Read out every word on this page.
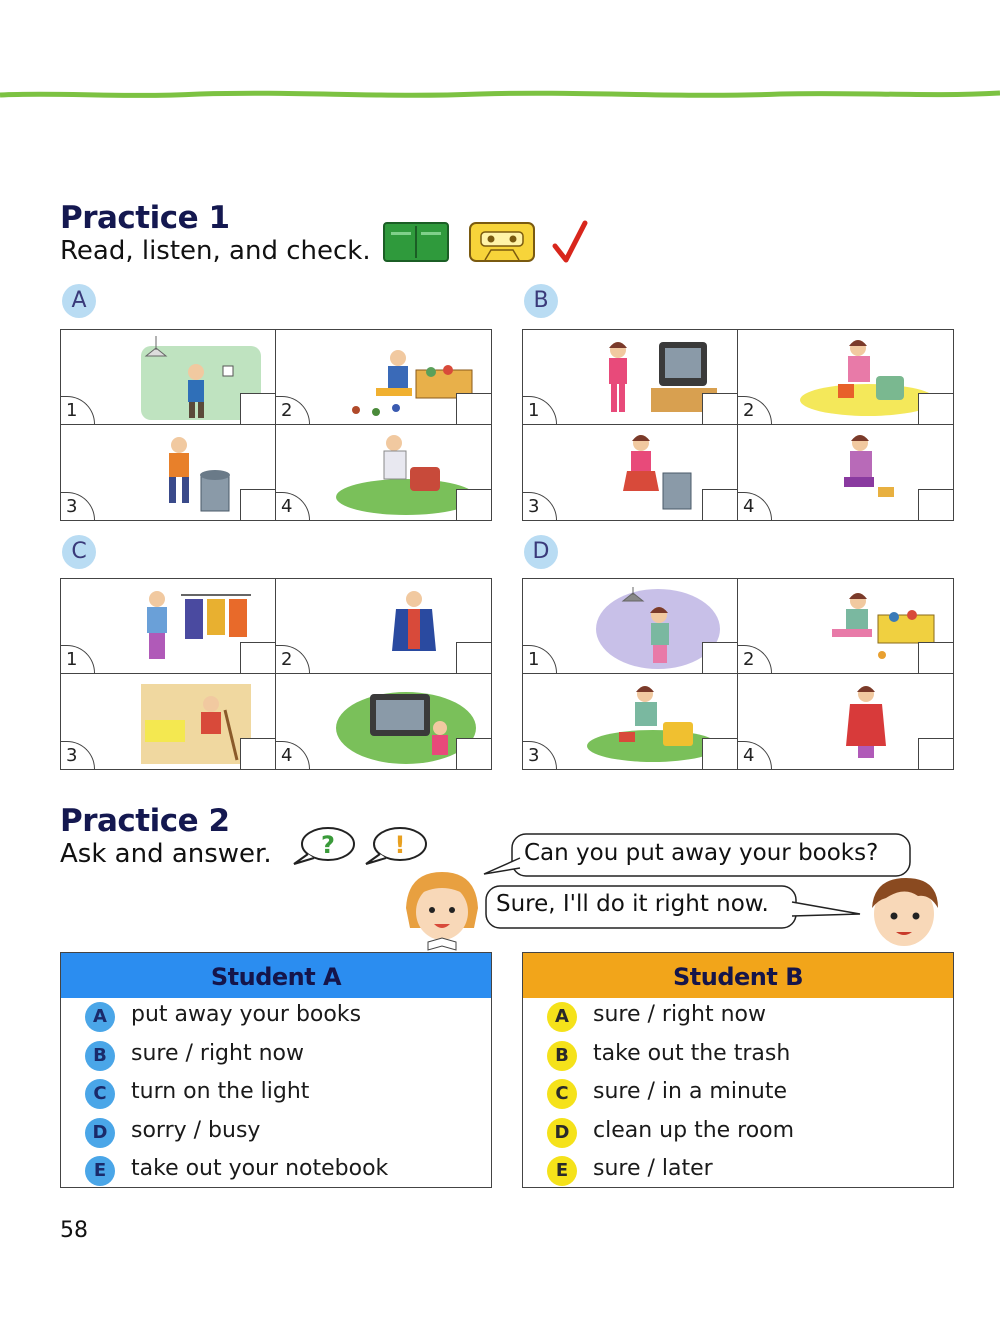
Practice 1
Read, listen, and check.
A	B
C	D
1	2
3	4
1	2
3	4
1	2
3	4
1	2
3	4
Practice 2
Ask and answer. ? !	Can you put away your books?
Sure, I'll do it right now.
Student A
A	put away your books
B	sure / right now
C	turn on the light
D	sorry / busy
E	take out your notebook
Student B
A	sure / right now
B	take out the trash
C	sure / in a minute
D	clean up the room
E	sure / later
58
